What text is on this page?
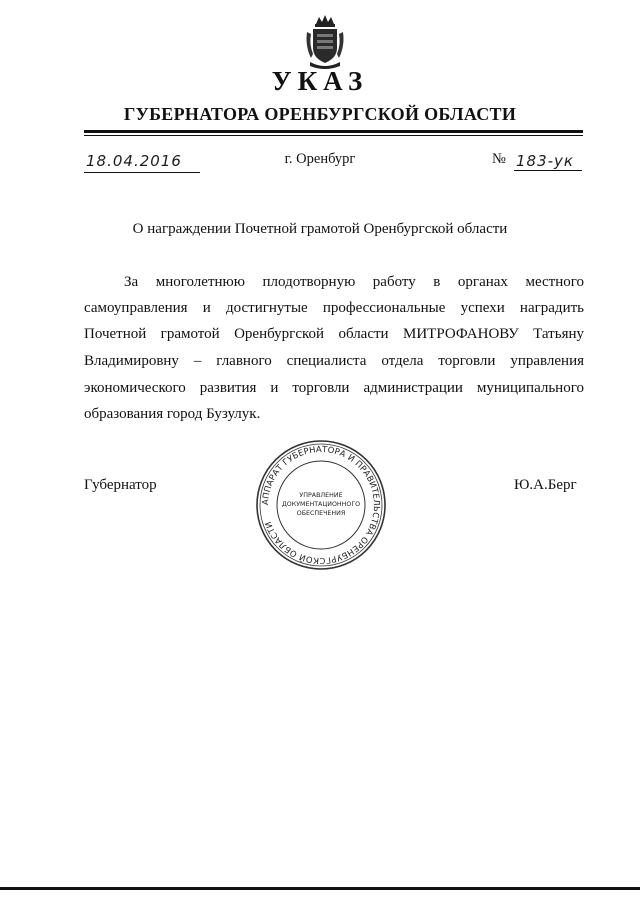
УКАЗ
ГУБЕРНАТОРА ОРЕНБУРГСКОЙ ОБЛАСТИ
18.04.2016	г. Оренбург	№ 183-ук
О награждении Почетной грамотой Оренбургской области
За многолетнюю плодотворную работу в органах местного
самоуправления и достигнутые профессиональные успехи наградить
Почетной грамотой Оренбургской области МИТРОФАНОВУ Татьяну
Владимировну – главного специалиста отдела торговли управления
экономического развития и торговли администрации муниципального
образования город Бузулук.
Губернатор	Ю.А.Берг
АППАРАТ ГУБЕРНАТОРА И ПРАВИТЕЛЬСТВА ОРЕНБУРГСКОЙ ОБЛАСТИ
УПРАВЛЕНИЕ
ДОКУМЕНТАЦИОННОГО
ОБЕСПЕЧЕНИЯ
